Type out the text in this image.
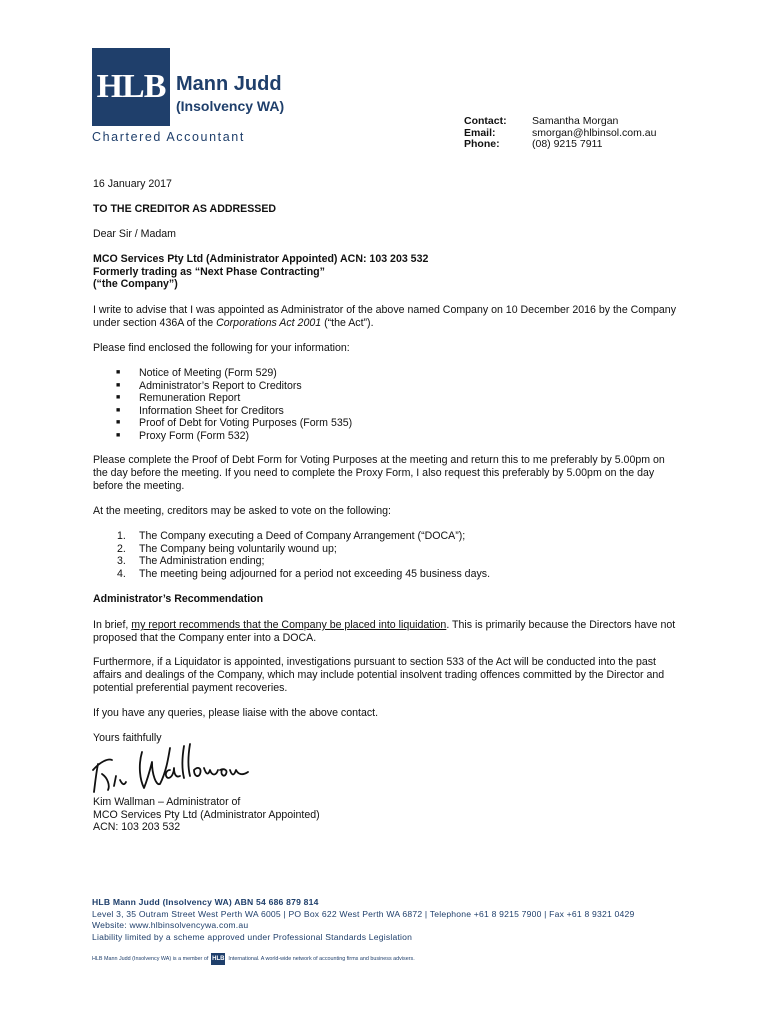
HLB Mann Judd
(Insolvency WA)
Chartered Accountant
Contact:	Samantha Morgan
Email:	smorgan@hlbinsol.com.au
Phone:	(08) 9215 7911
16 January 2017
TO THE CREDITOR AS ADDRESSED
Dear Sir / Madam
MCO Services Pty Ltd (Administrator Appointed) ACN: 103 203 532
Formerly trading as “Next Phase Contracting”
(“the Company”)
I write to advise that I was appointed as Administrator of the above named Company on 10 December 2016 by the Company under section 436A of the Corporations Act 2001 (“the Act”).
Please find enclosed the following for your information:
■ Notice of Meeting (Form 529)
■ Administrator’s Report to Creditors
■ Remuneration Report
■ Information Sheet for Creditors
■ Proof of Debt for Voting Purposes (Form 535)
■ Proxy Form (Form 532)
Please complete the Proof of Debt Form for Voting Purposes at the meeting and return this to me preferably by 5.00pm on the day before the meeting. If you need to complete the Proxy Form, I also request this preferably by 5.00pm on the day before the meeting.
At the meeting, creditors may be asked to vote on the following:
1. The Company executing a Deed of Company Arrangement (“DOCA”);
2. The Company being voluntarily wound up;
3. The Administration ending;
4. The meeting being adjourned for a period not exceeding 45 business days.
Administrator’s Recommendation
In brief, my report recommends that the Company be placed into liquidation. This is primarily because the Directors have not proposed that the Company enter into a DOCA.
Furthermore, if a Liquidator is appointed, investigations pursuant to section 533 of the Act will be conducted into the past affairs and dealings of the Company, which may include potential insolvent trading offences committed by the Director and potential preferential payment recoveries.
If you have any queries, please liaise with the above contact.
Yours faithfully
Kim Wallman – Administrator of
MCO Services Pty Ltd (Administrator Appointed)
ACN: 103 203 532
HLB Mann Judd (Insolvency WA) ABN 54 686 879 814
Level 3, 35 Outram Street West Perth WA 6005 | PO Box 622 West Perth WA 6872 | Telephone +61 8 9215 7900 | Fax +61 8 9321 0429
Website: www.hlbinsolvencywa.com.au
Liability limited by a scheme approved under Professional Standards Legislation
HLB Mann Judd (Insolvency WA) is a member of HLB International. A world-wide network of accounting firms and business advisers.
